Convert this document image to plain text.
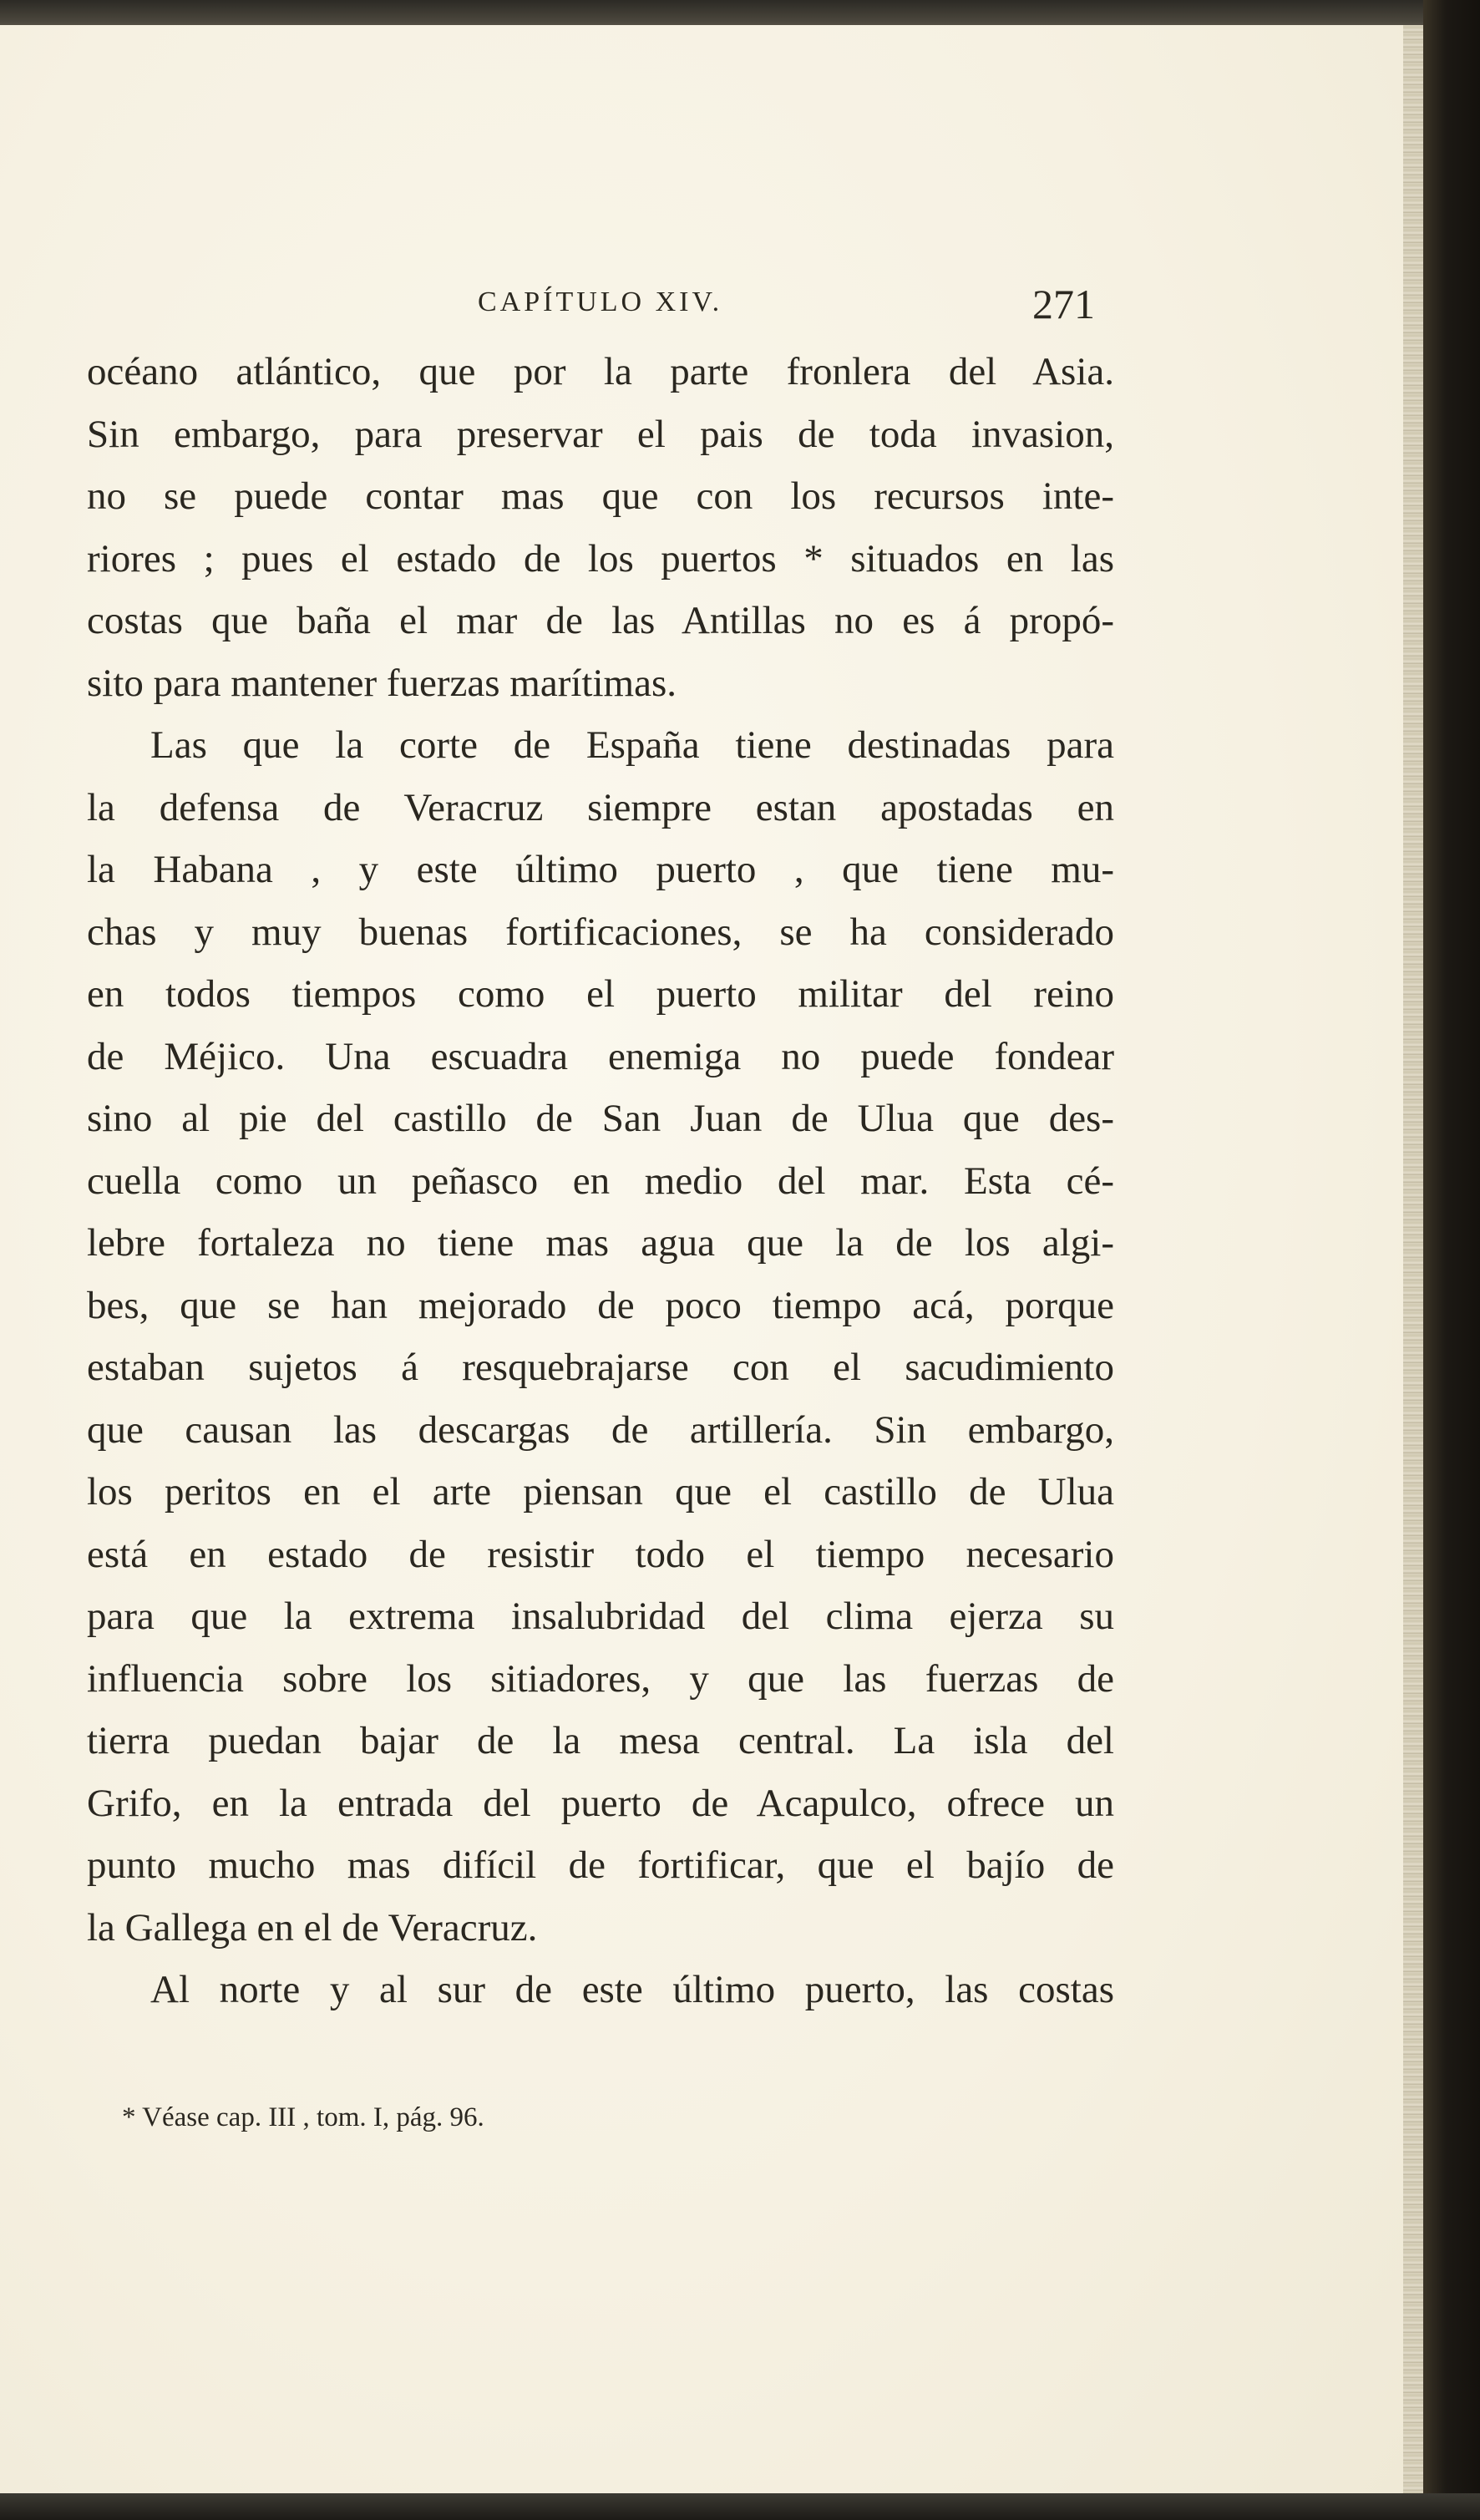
CAPÍTULO XIV.	271
océano atlántico, que por la parte fronlera del Asia.
Sin embargo, para preservar el pais de toda invasion,
no se puede contar mas que con los recursos inte-
riores ; pues el estado de los puertos * situados en las
costas que baña el mar de las Antillas no es á propó-
sito para mantener fuerzas marítimas.
Las que la corte de España tiene destinadas para
la defensa de Veracruz siempre estan apostadas en
la Habana , y este último puerto , que tiene mu-
chas y muy buenas fortificaciones, se ha considerado
en todos tiempos como el puerto militar del reino
de Méjico. Una escuadra enemiga no puede fondear
sino al pie del castillo de San Juan de Ulua que des-
cuella como un peñasco en medio del mar. Esta cé-
lebre fortaleza no tiene mas agua que la de los algi-
bes, que se han mejorado de poco tiempo acá, porque
estaban sujetos á resquebrajarse con el sacudimiento
que causan las descargas de artillería. Sin embargo,
los peritos en el arte piensan que el castillo de Ulua
está en estado de resistir todo el tiempo necesario
para que la extrema insalubridad del clima ejerza su
influencia sobre los sitiadores, y que las fuerzas de
tierra puedan bajar de la mesa central. La isla del
Grifo, en la entrada del puerto de Acapulco, ofrece un
punto mucho mas difícil de fortificar, que el bajío de
la Gallega en el de Veracruz.
Al norte y al sur de este último puerto, las costas
* Véase cap. III , tom. I, pág. 96.
